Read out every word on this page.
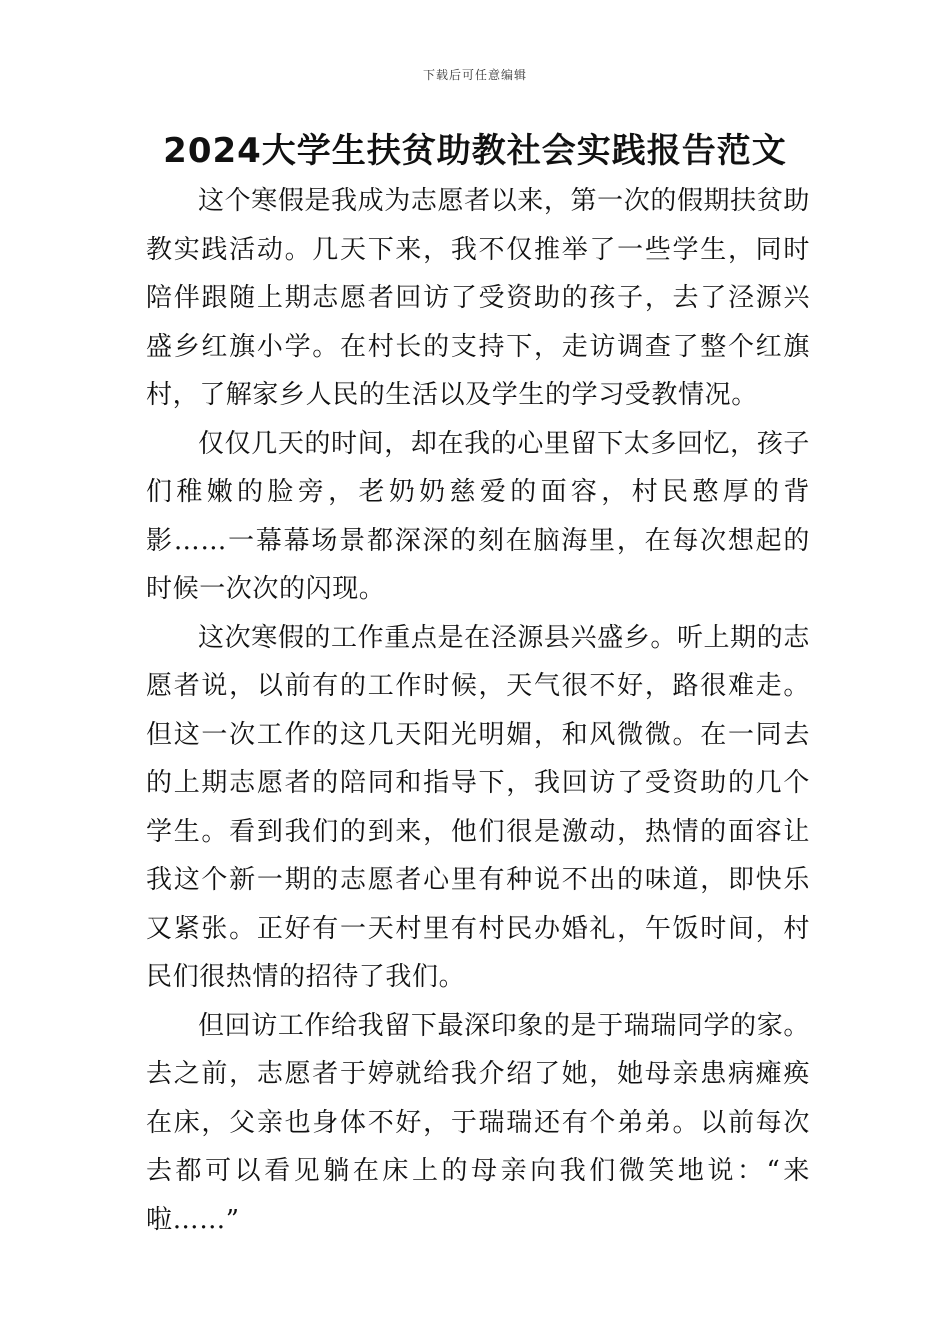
下载后可任意编辑
2024大学生扶贫助教社会实践报告范文

这个寒假是我成为志愿者以来，第一次的假期扶贫助教实践活动。几天下来，我不仅推举了一些学生，同时陪伴跟随上期志愿者回访了受资助的孩子，去了泾源兴盛乡红旗小学。在村长的支持下，走访调查了整个红旗村，了解家乡人民的生活以及学生的学习受教情况。

仅仅几天的时间，却在我的心里留下太多回忆，孩子们稚嫩的脸旁，老奶奶慈爱的面容，村民憨厚的背影……一幕幕场景都深深的刻在脑海里，在每次想起的时候一次次的闪现。

这次寒假的工作重点是在泾源县兴盛乡。听上期的志愿者说，以前有的工作时候，天气很不好，路很难走。但这一次工作的这几天阳光明媚，和风微微。在一同去的上期志愿者的陪同和指导下，我回访了受资助的几个学生。看到我们的到来，他们很是激动，热情的面容让我这个新一期的志愿者心里有种说不出的味道，即快乐又紧张。正好有一天村里有村民办婚礼，午饭时间，村民们很热情的招待了我们。

但回访工作给我留下最深印象的是于瑞瑞同学的家。去之前，志愿者于婷就给我介绍了她，她母亲患病瘫痪在床，父亲也身体不好，于瑞瑞还有个弟弟。以前每次去都可以看见躺在床上的母亲向我们微笑地说：“来啦……”
